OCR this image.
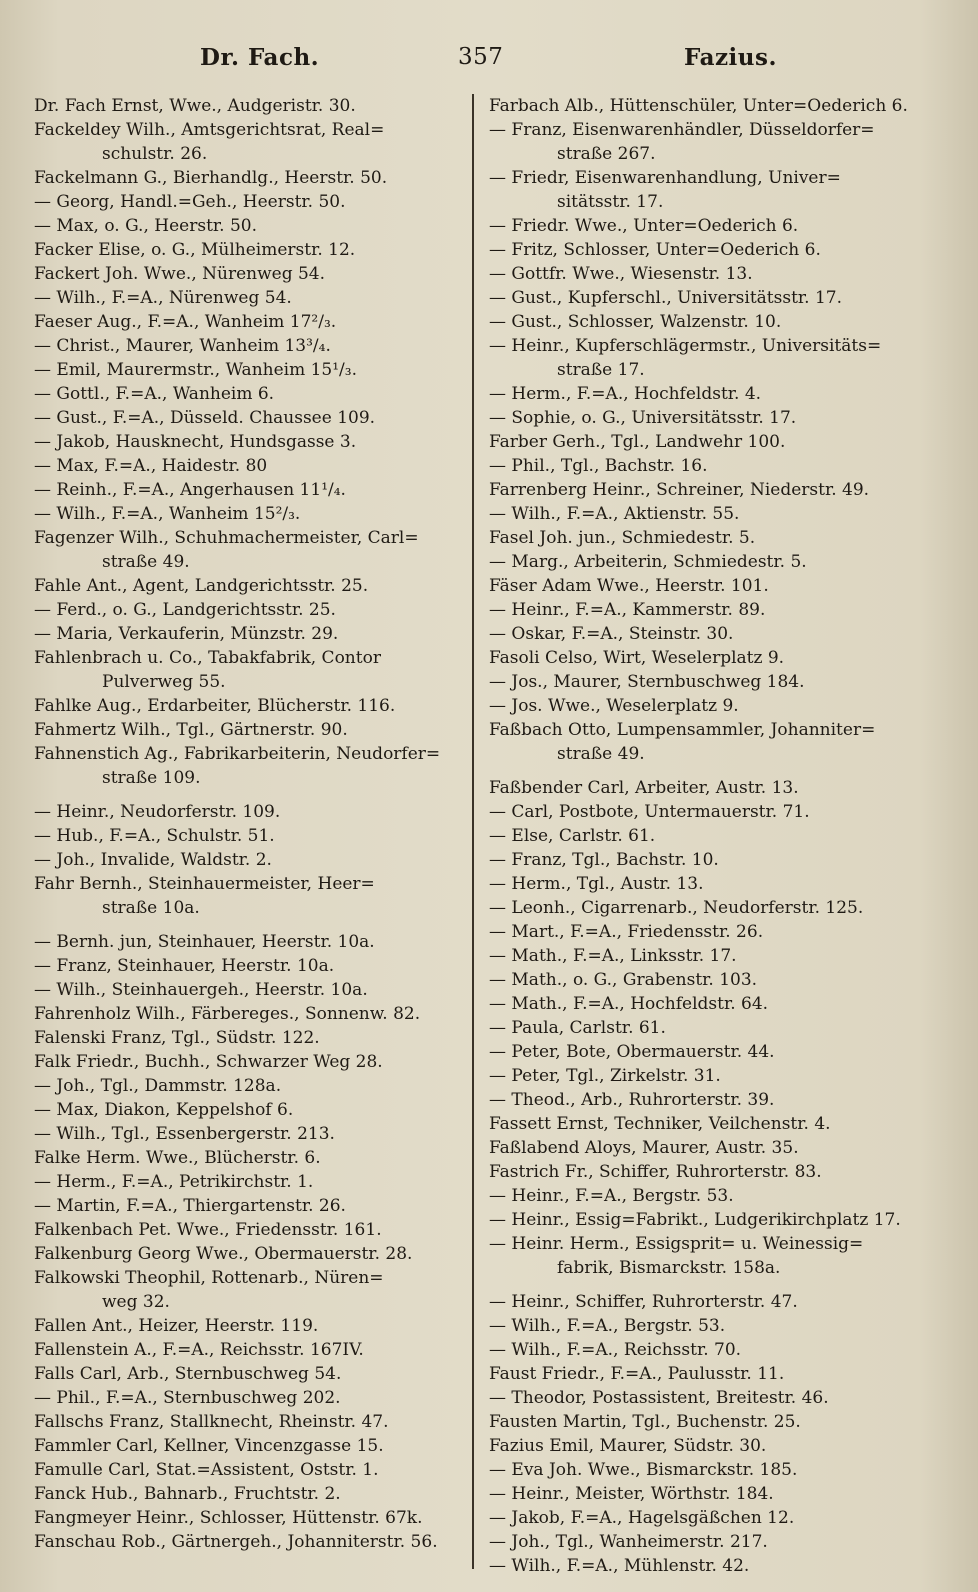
Dr. Fach.	357	Fazius.
Dr. Fach Ernst, Wwe., Audgeristr. 30.
Fackeldey Wilh., Amtsgerichtsrat, Real=
schulstr. 26.
Fackelmann G., Bierhandlg., Heerstr. 50.
— Georg, Handl.=Geh., Heerstr. 50.
— Max, o. G., Heerstr. 50.
Facker Elise, o. G., Mülheimerstr. 12.
Fackert Joh. Wwe., Nürenweg 54.
— Wilh., F.=A., Nürenweg 54.
Faeser Aug., F.=A., Wanheim 17²/₃.
— Christ., Maurer, Wanheim 13³/₄.
— Emil, Maurermstr., Wanheim 15¹/₃.
— Gottl., F.=A., Wanheim 6.
— Gust., F.=A., Düsseld. Chaussee 109.
— Jakob, Hausknecht, Hundsgasse 3.
— Max, F.=A., Haidestr. 80
— Reinh., F.=A., Angerhausen 11¹/₄.
— Wilh., F.=A., Wanheim 15²/₃.
Fagenzer Wilh., Schuhmachermeister, Carl=
straße 49.
Fahle Ant., Agent, Landgerichtsstr. 25.
— Ferd., o. G., Landgerichtsstr. 25.
— Maria, Verkauferin, Münzstr. 29.
Fahlenbrach u. Co., Tabakfabrik, Contor
Pulverweg 55.
Fahlke Aug., Erdarbeiter, Blücherstr. 116.
Fahmertz Wilh., Tgl., Gärtnerstr. 90.
Fahnenstich Ag., Fabrikarbeiterin, Neudorfer=
straße 109.
— Heinr., Neudorferstr. 109.
— Hub., F.=A., Schulstr. 51.
— Joh., Invalide, Waldstr. 2.
Fahr Bernh., Steinhauermeister, Heer=
straße 10a.
— Bernh. jun, Steinhauer, Heerstr. 10a.
— Franz, Steinhauer, Heerstr. 10a.
— Wilh., Steinhauergeh., Heerstr. 10a.
Fahrenholz Wilh., Färbereges., Sonnenw. 82.
Falenski Franz, Tgl., Südstr. 122.
Falk Friedr., Buchh., Schwarzer Weg 28.
— Joh., Tgl., Dammstr. 128a.
— Max, Diakon, Keppelshof 6.
— Wilh., Tgl., Essenbergerstr. 213.
Falke Herm. Wwe., Blücherstr. 6.
— Herm., F.=A., Petrikirchstr. 1.
— Martin, F.=A., Thiergartenstr. 26.
Falkenbach Pet. Wwe., Friedensstr. 161.
Falkenburg Georg Wwe., Obermauerstr. 28.
Falkowski Theophil, Rottenarb., Nüren=
weg 32.
Fallen Ant., Heizer, Heerstr. 119.
Fallenstein A., F.=A., Reichsstr. 167IV.
Falls Carl, Arb., Sternbuschweg 54.
— Phil., F.=A., Sternbuschweg 202.
Fallschs Franz, Stallknecht, Rheinstr. 47.
Fammler Carl, Kellner, Vincenzgasse 15.
Famulle Carl, Stat.=Assistent, Oststr. 1.
Fanck Hub., Bahnarb., Fruchtstr. 2.
Fangmeyer Heinr., Schlosser, Hüttenstr. 67k.
Fanschau Rob., Gärtnergeh., Johanniterstr. 56.
Farbach Alb., Hüttenschüler, Unter=Oederich 6.
— Franz, Eisenwarenhändler, Düsseldorfer=
straße 267.
— Friedr, Eisenwarenhandlung, Univer=
sitätsstr. 17.
— Friedr. Wwe., Unter=Oederich 6.
— Fritz, Schlosser, Unter=Oederich 6.
— Gottfr. Wwe., Wiesenstr. 13.
— Gust., Kupferschl., Universitätsstr. 17.
— Gust., Schlosser, Walzenstr. 10.
— Heinr., Kupferschlägermstr., Universitäts=
straße 17.
— Herm., F.=A., Hochfeldstr. 4.
— Sophie, o. G., Universitätsstr. 17.
Farber Gerh., Tgl., Landwehr 100.
— Phil., Tgl., Bachstr. 16.
Farrenberg Heinr., Schreiner, Niederstr. 49.
— Wilh., F.=A., Aktienstr. 55.
Fasel Joh. jun., Schmiedestr. 5.
— Marg., Arbeiterin, Schmiedestr. 5.
Fäser Adam Wwe., Heerstr. 101.
— Heinr., F.=A., Kammerstr. 89.
— Oskar, F.=A., Steinstr. 30.
Fasoli Celso, Wirt, Weselerplatz 9.
— Jos., Maurer, Sternbuschweg 184.
— Jos. Wwe., Weselerplatz 9.
Faßbach Otto, Lumpensammler, Johanniter=
straße 49.
Faßbender Carl, Arbeiter, Austr. 13.
— Carl, Postbote, Untermauerstr. 71.
— Else, Carlstr. 61.
— Franz, Tgl., Bachstr. 10.
— Herm., Tgl., Austr. 13.
— Leonh., Cigarrenarb., Neudorferstr. 125.
— Mart., F.=A., Friedensstr. 26.
— Math., F.=A., Linksstr. 17.
— Math., o. G., Grabenstr. 103.
— Math., F.=A., Hochfeldstr. 64.
— Paula, Carlstr. 61.
— Peter, Bote, Obermauerstr. 44.
— Peter, Tgl., Zirkelstr. 31.
— Theod., Arb., Ruhrorterstr. 39.
Fassett Ernst, Techniker, Veilchenstr. 4.
Faßlabend Aloys, Maurer, Austr. 35.
Fastrich Fr., Schiffer, Ruhrorterstr. 83.
— Heinr., F.=A., Bergstr. 53.
— Heinr., Essig=Fabrikt., Ludgerikirchplatz 17.
— Heinr. Herm., Essigsprit= u. Weinessig=
fabrik, Bismarckstr. 158a.
— Heinr., Schiffer, Ruhrorterstr. 47.
— Wilh., F.=A., Bergstr. 53.
— Wilh., F.=A., Reichsstr. 70.
Faust Friedr., F.=A., Paulusstr. 11.
— Theodor, Postassistent, Breitestr. 46.
Fausten Martin, Tgl., Buchenstr. 25.
Fazius Emil, Maurer, Südstr. 30.
— Eva Joh. Wwe., Bismarckstr. 185.
— Heinr., Meister, Wörthstr. 184.
— Jakob, F.=A., Hagelsgäßchen 12.
— Joh., Tgl., Wanheimerstr. 217.
— Wilh., F.=A., Mühlenstr. 42.
